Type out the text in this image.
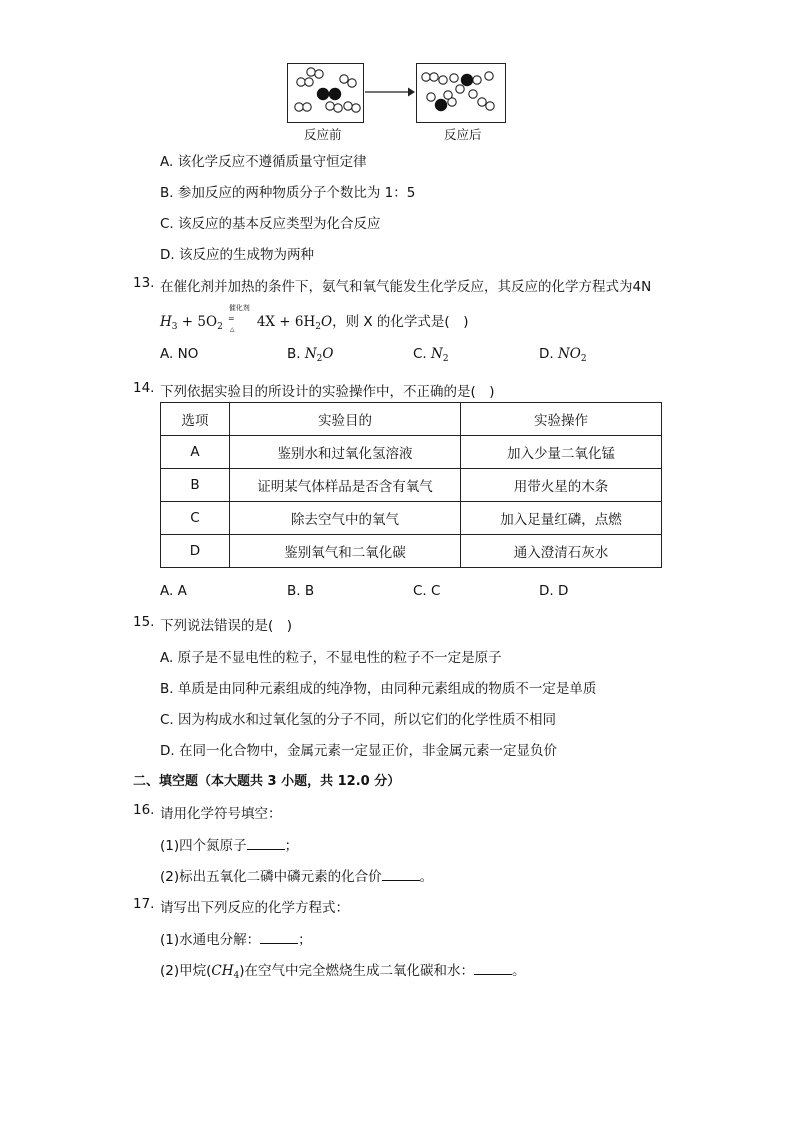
反应前	反应后
A. 该化学反应不遵循质量守恒定律
B. 参加反应的两种物质分子个数比为 1：5
C. 该反应的基本反应类型为化合反应
D. 该反应的生成物为两种
13. 在催化剂并加热的条件下，氨气和氧气能发生化学反应，其反应的化学方程式为4N
$H_3 + 5O_2$
催化剂
=
△ $4X + 6H_2O$，则 X 的化学式是(　)
A. NO	B. $N_2O$	C. $N_2$	D. $NO_2$
14. 下列依据实验目的所设计的实验操作中，不正确的是(　)
选项	实验目的	实验操作
A	鉴别水和过氧化氢溶液	加入少量二氧化锰
B	证明某气体样品是否含有氧气	用带火星的木条
C	除去空气中的氧气	加入足量红磷，点燃
D	鉴别氧气和二氧化碳	通入澄清石灰水
A. A	B. B	C. C	D. D
15. 下列说法错误的是(　)
A. 原子是不显电性的粒子，不显电性的粒子不一定是原子
B. 单质是由同种元素组成的纯净物，由同种元素组成的物质不一定是单质
C. 因为构成水和过氧化氢的分子不同，所以它们的化学性质不相同
D. 在同一化合物中，金属元素一定显正价，非金属元素一定显负价
二、填空题（本大题共 3 小题，共 12.0 分）
16. 请用化学符号填空：
(1)四个氮原子	；
(2)标出五氧化二磷中磷元素的化合价	。
17. 请写出下列反应的化学方程式：
(1)水通电分解：	；
(2)甲烷$(CH_4)$在空气中完全燃烧生成二氧化碳和水：	。
